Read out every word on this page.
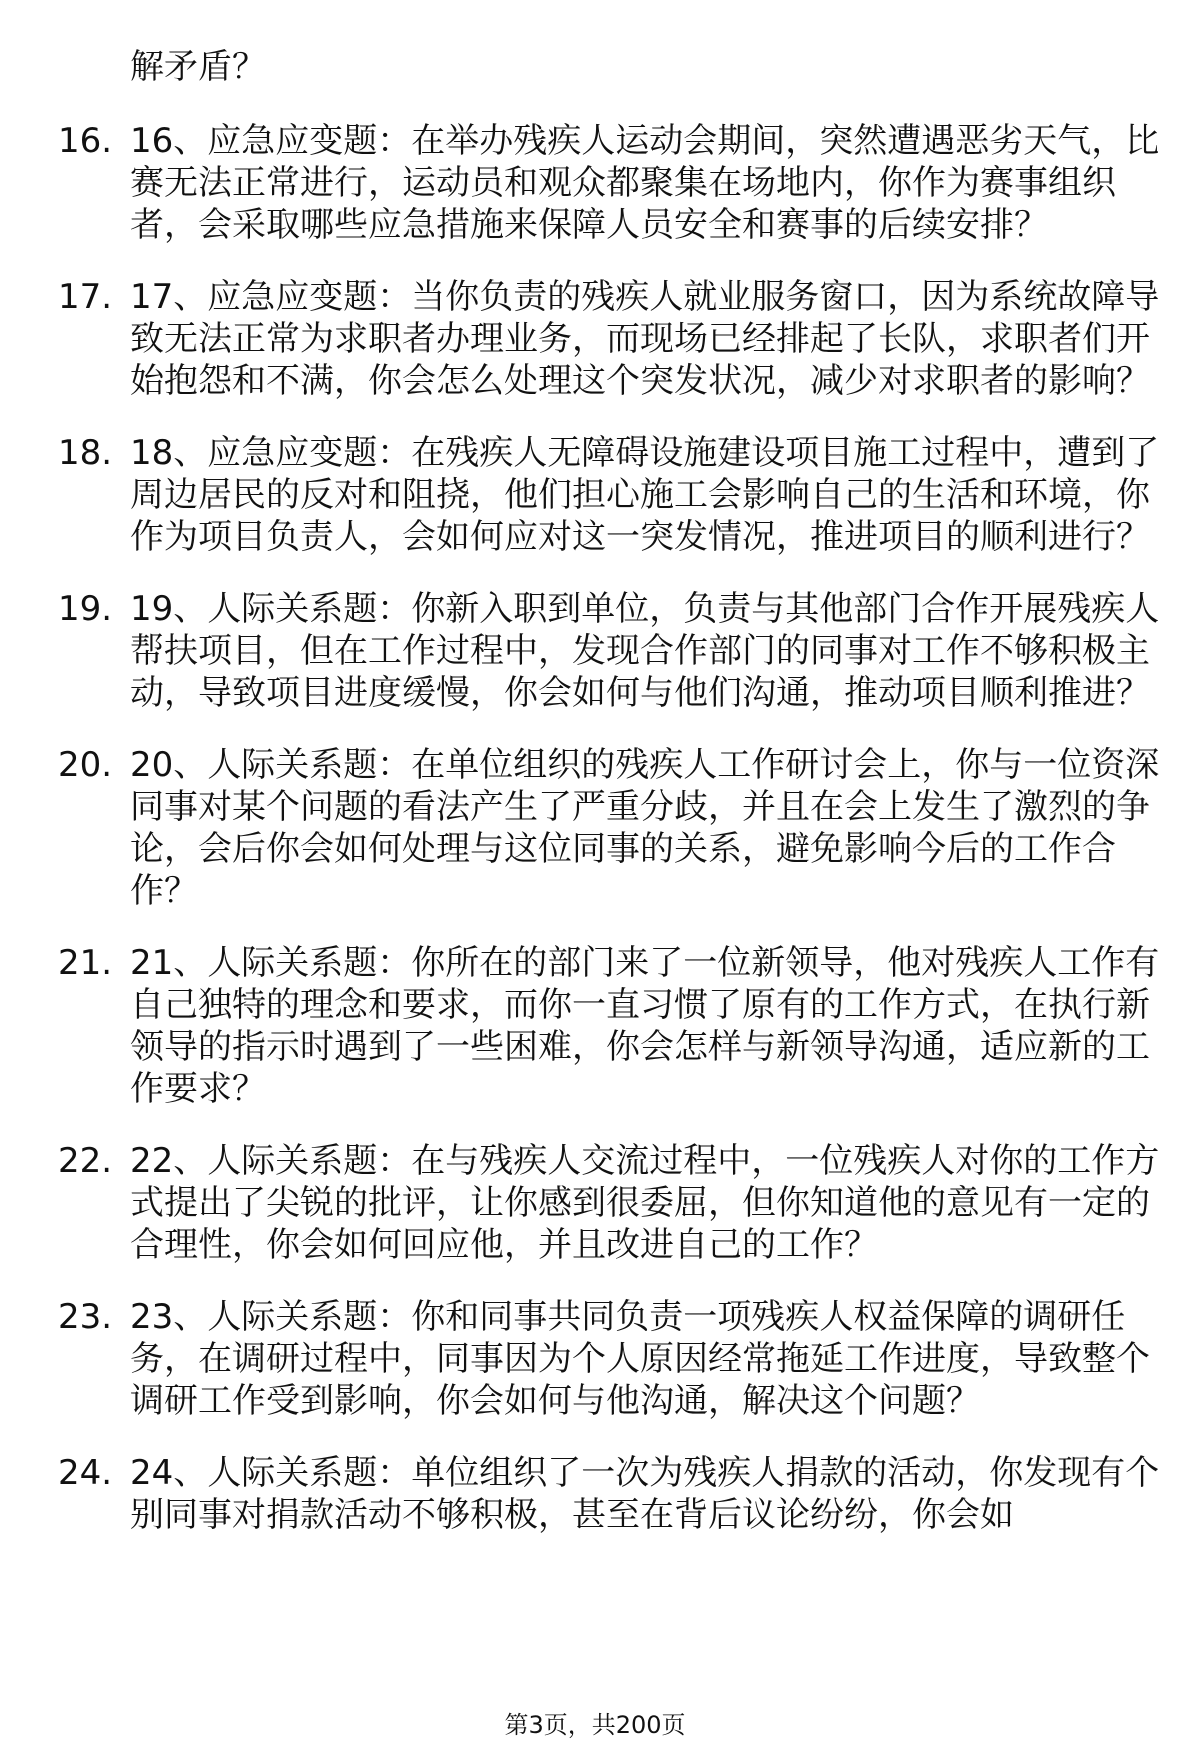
解矛盾？
16. 16、应急应变题：在举办残疾人运动会期间，突然遭遇恶劣天气，比赛无法正常进行，运动员和观众都聚集在场地内，你作为赛事组织者，会采取哪些应急措施来保障人员安全和赛事的后续安排？
17. 17、应急应变题：当你负责的残疾人就业服务窗口，因为系统故障导致无法正常为求职者办理业务，而现场已经排起了长队，求职者们开始抱怨和不满，你会怎么处理这个突发状况，减少对求职者的影响？
18. 18、应急应变题：在残疾人无障碍设施建设项目施工过程中，遭到了周边居民的反对和阻挠，他们担心施工会影响自己的生活和环境，你作为项目负责人，会如何应对这一突发情况，推进项目的顺利进行？
19. 19、人际关系题：你新入职到单位，负责与其他部门合作开展残疾人帮扶项目，但在工作过程中，发现合作部门的同事对工作不够积极主动，导致项目进度缓慢，你会如何与他们沟通，推动项目顺利推进？
20. 20、人际关系题：在单位组织的残疾人工作研讨会上，你与一位资深同事对某个问题的看法产生了严重分歧，并且在会上发生了激烈的争论，会后你会如何处理与这位同事的关系，避免影响今后的工作合作？
21. 21、人际关系题：你所在的部门来了一位新领导，他对残疾人工作有自己独特的理念和要求，而你一直习惯了原有的工作方式，在执行新领导的指示时遇到了一些困难，你会怎样与新领导沟通，适应新的工作要求？
22. 22、人际关系题：在与残疾人交流过程中，一位残疾人对你的工作方式提出了尖锐的批评，让你感到很委屈，但你知道他的意见有一定的合理性，你会如何回应他，并且改进自己的工作？
23. 23、人际关系题：你和同事共同负责一项残疾人权益保障的调研任务，在调研过程中，同事因为个人原因经常拖延工作进度，导致整个调研工作受到影响，你会如何与他沟通，解决这个问题？
24. 24、人际关系题：单位组织了一次为残疾人捐款的活动，你发现有个别同事对捐款活动不够积极，甚至在背后议论纷纷，你会如
第3页，共200页
